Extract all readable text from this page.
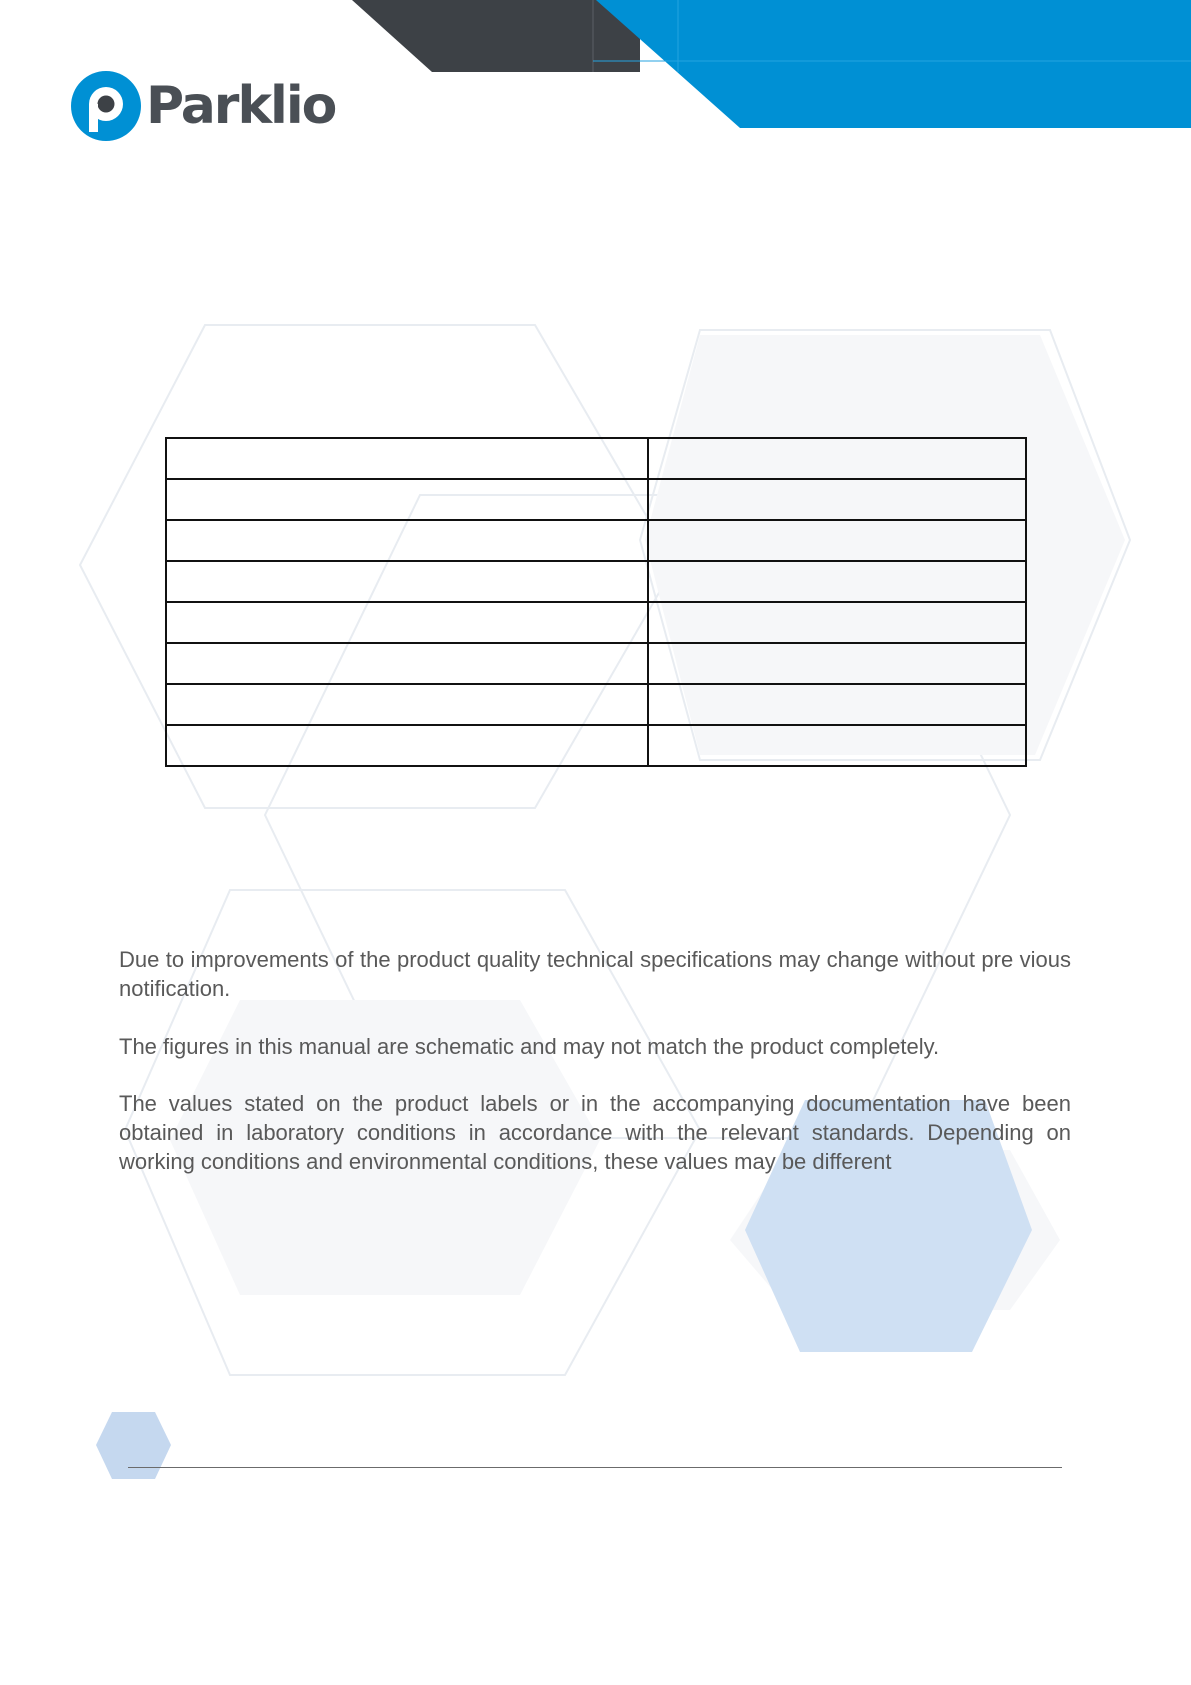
Parklio

Due to improvements of the product quality technical specifications may change without pre vious notification.

The figures in this manual are schematic and may not match the product completely.

The values stated on the product labels or in the accompanying documentation have been obtained in laboratory conditions in accordance with the relevant standards. Depending on working conditions and environmental conditions, these values may be different
